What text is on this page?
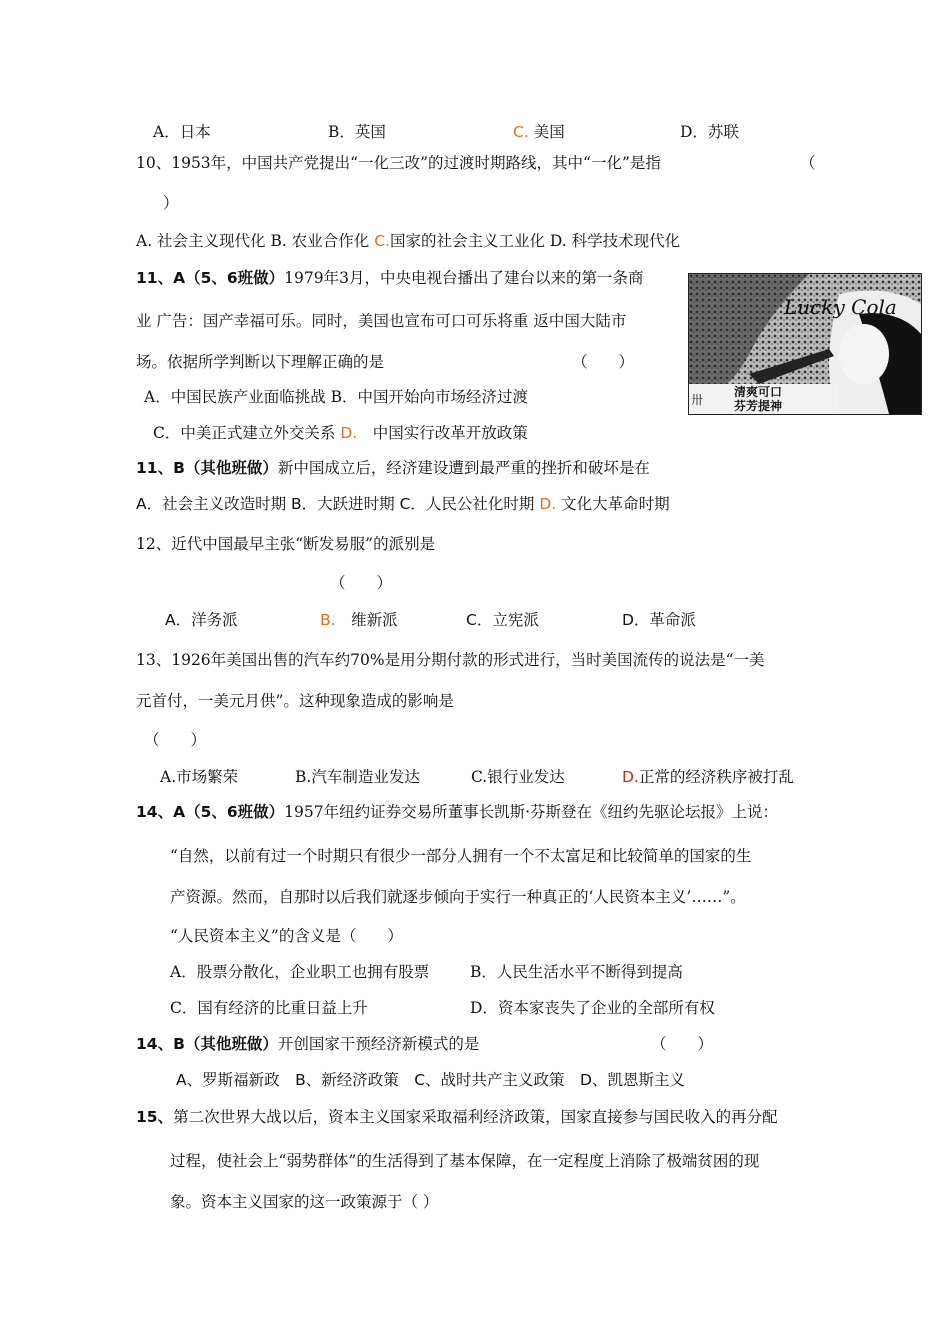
A．日本	B．英国	C. 美国	D．苏联
10、1953年，中国共产党提出“一化三改”的过渡时期路线，其中“一化”是指	（
）
A. 社会主义现代化 B. 农业合作化 C.国家的社会主义工业化 D. 科学技术现代化
11、A（5、6班做）1979年3月，中央电视台播出了建台以来的第一条商
业 广告：国产幸福可乐。同时，美国也宣布可口可乐将重 返中国大陆市
场。依据所学判断以下理解正确的是	（　　）
A．中国民族产业面临挑战 B．中国开始向市场经济过渡
C．中美正式建立外交关系 D.　 中国实行改革开放政策
Lucky Cola
清爽可口
芬芳提神
卅
11、B（其他班做）新中国成立后，经济建设遭到最严重的挫折和破坏是在
A．社会主义改造时期 B．大跃进时期 C．人民公社化时期 D. 文化大革命时期
12、近代中国最早主张“断发易服”的派别是
（　　）
A．洋务派	B.　 维新派	C．立宪派	D．革命派
13、1926年美国出售的汽车约70%是用分期付款的形式进行，当时美国流传的说法是“一美
元首付，一美元月供”。这种现象造成的影响是
（　　）
A.市场繁荣	B.汽车制造业发达	C.银行业发达	D.正常的经济秩序被打乱
14、A（5、6班做）1957年纽约证券交易所董事长凯斯·芬斯登在《纽约先驱论坛报》上说：
“自然，以前有过一个时期只有很少一部分人拥有一个不太富足和比较简单的国家的生
产资源。然而，自那时以后我们就逐步倾向于实行一种真正的‘人民资本主义’……”。
“人民资本主义”的含义是（　　）
A．股票分散化，企业职工也拥有股票	B．人民生活水平不断得到提高
C．国有经济的比重日益上升	D．资本家丧失了企业的全部所有权
14、B（其他班做）开创国家干预经济新模式的是	（　　）
A、罗斯福新政　B、新经济政策　C、战时共产主义政策　D、凯恩斯主义
15、第二次世界大战以后，资本主义国家采取福利经济政策，国家直接参与国民收入的再分配
过程，使社会上“弱势群体”的生活得到了基本保障，在一定程度上消除了极端贫困的现
象。资本主义国家的这一政策源于（ ）
